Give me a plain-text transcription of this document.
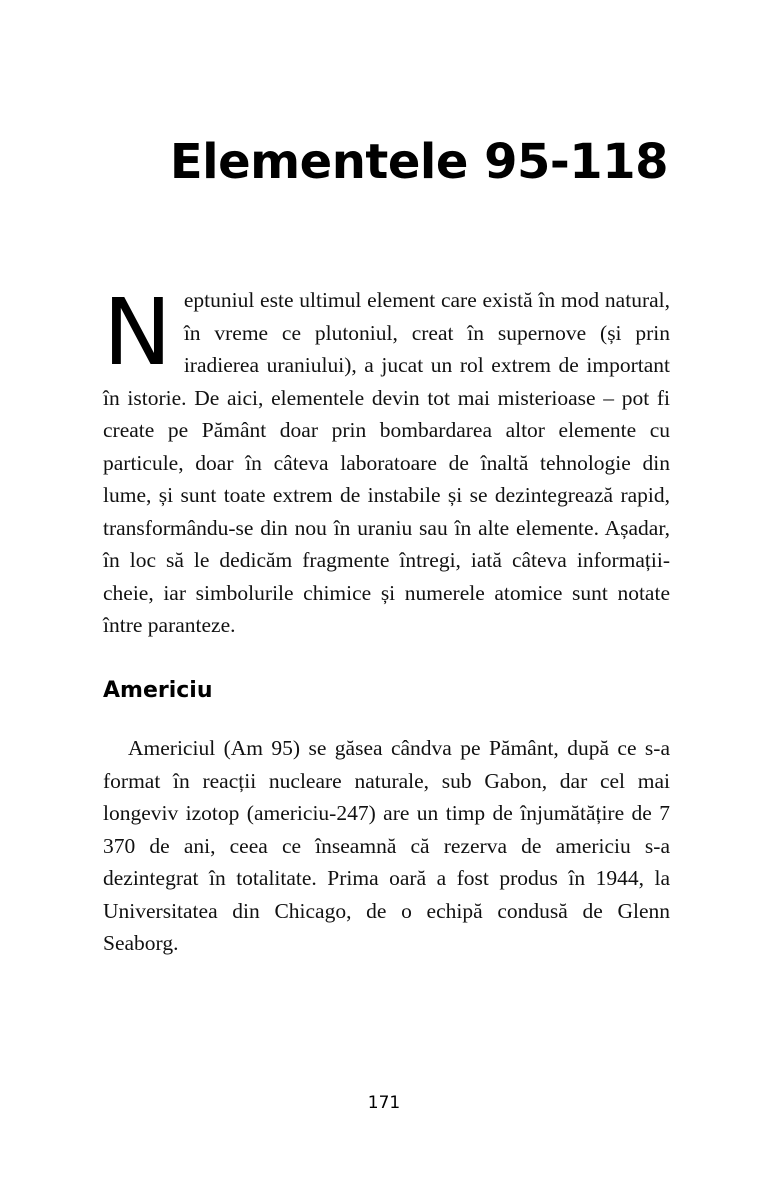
Elementele 95-118

Neptuniul este ultimul element care există în mod natural, în vreme ce plutoniul, creat în supernove (și prin iradierea uraniului), a jucat un rol extrem de important în istorie. De aici, elementele devin tot mai misterioase – pot fi create pe Pământ doar prin bombardarea altor elemente cu particule, doar în câteva laboratoare de înaltă tehnologie din lume, și sunt toate extrem de instabile și se dezintegrează rapid, transformându-se din nou în uraniu sau în alte elemente. Așadar, în loc să le dedicăm fragmente întregi, iată câteva informații-cheie, iar simbolurile chimice și numerele atomice sunt notate între paranteze.

Americiu

Americiul (Am 95) se găsea cândva pe Pământ, după ce s-a format în reacții nucleare naturale, sub Gabon, dar cel mai longeviv izotop (americiu-247) are un timp de înjumătățire de 7 370 de ani, ceea ce înseamnă că rezerva de americiu s-a dezintegrat în totalitate. Prima oară a fost produs în 1944, la Universitatea din Chicago, de o echipă condusă de Glenn Seaborg.

171
